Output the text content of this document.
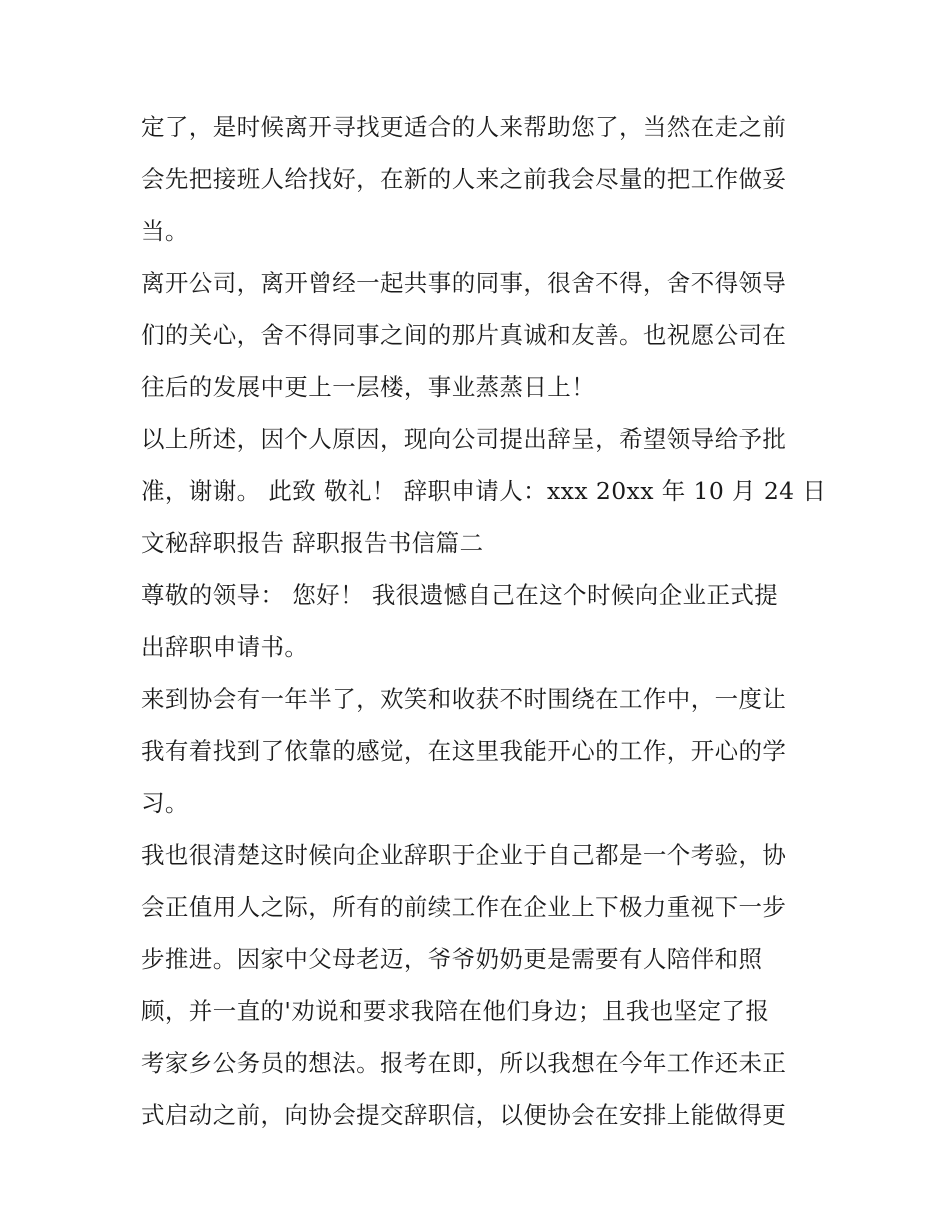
定了，是时候离开寻找更适合的人来帮助您了，当然在走之前
会先把接班人给找好，在新的人来之前我会尽量的把工作做妥
当。
离开公司，离开曾经一起共事的同事，很舍不得，舍不得领导
们的关心，舍不得同事之间的那片真诚和友善。也祝愿公司在
往后的发展中更上一层楼，事业蒸蒸日上！
以上所述，因个人原因，现向公司提出辞呈，希望领导给予批
准，谢谢。 此致 敬礼！ 辞职申请人：xxx 20xx 年 10 月 24 日
文秘辞职报告 辞职报告书信篇二
尊敬的领导： 您好！ 我很遗憾自己在这个时候向企业正式提
出辞职申请书。
来到协会有一年半了，欢笑和收获不时围绕在工作中，一度让
我有着找到了依靠的感觉，在这里我能开心的工作，开心的学
习。
我也很清楚这时候向企业辞职于企业于自己都是一个考验，协
会正值用人之际，所有的前续工作在企业上下极力重视下一步
步推进。因家中父母老迈，爷爷奶奶更是需要有人陪伴和照
顾，并一直的'劝说和要求我陪在他们身边；且我也坚定了报
考家乡公务员的想法。报考在即，所以我想在今年工作还未正
式启动之前，向协会提交辞职信，以便协会在安排上能做得更
